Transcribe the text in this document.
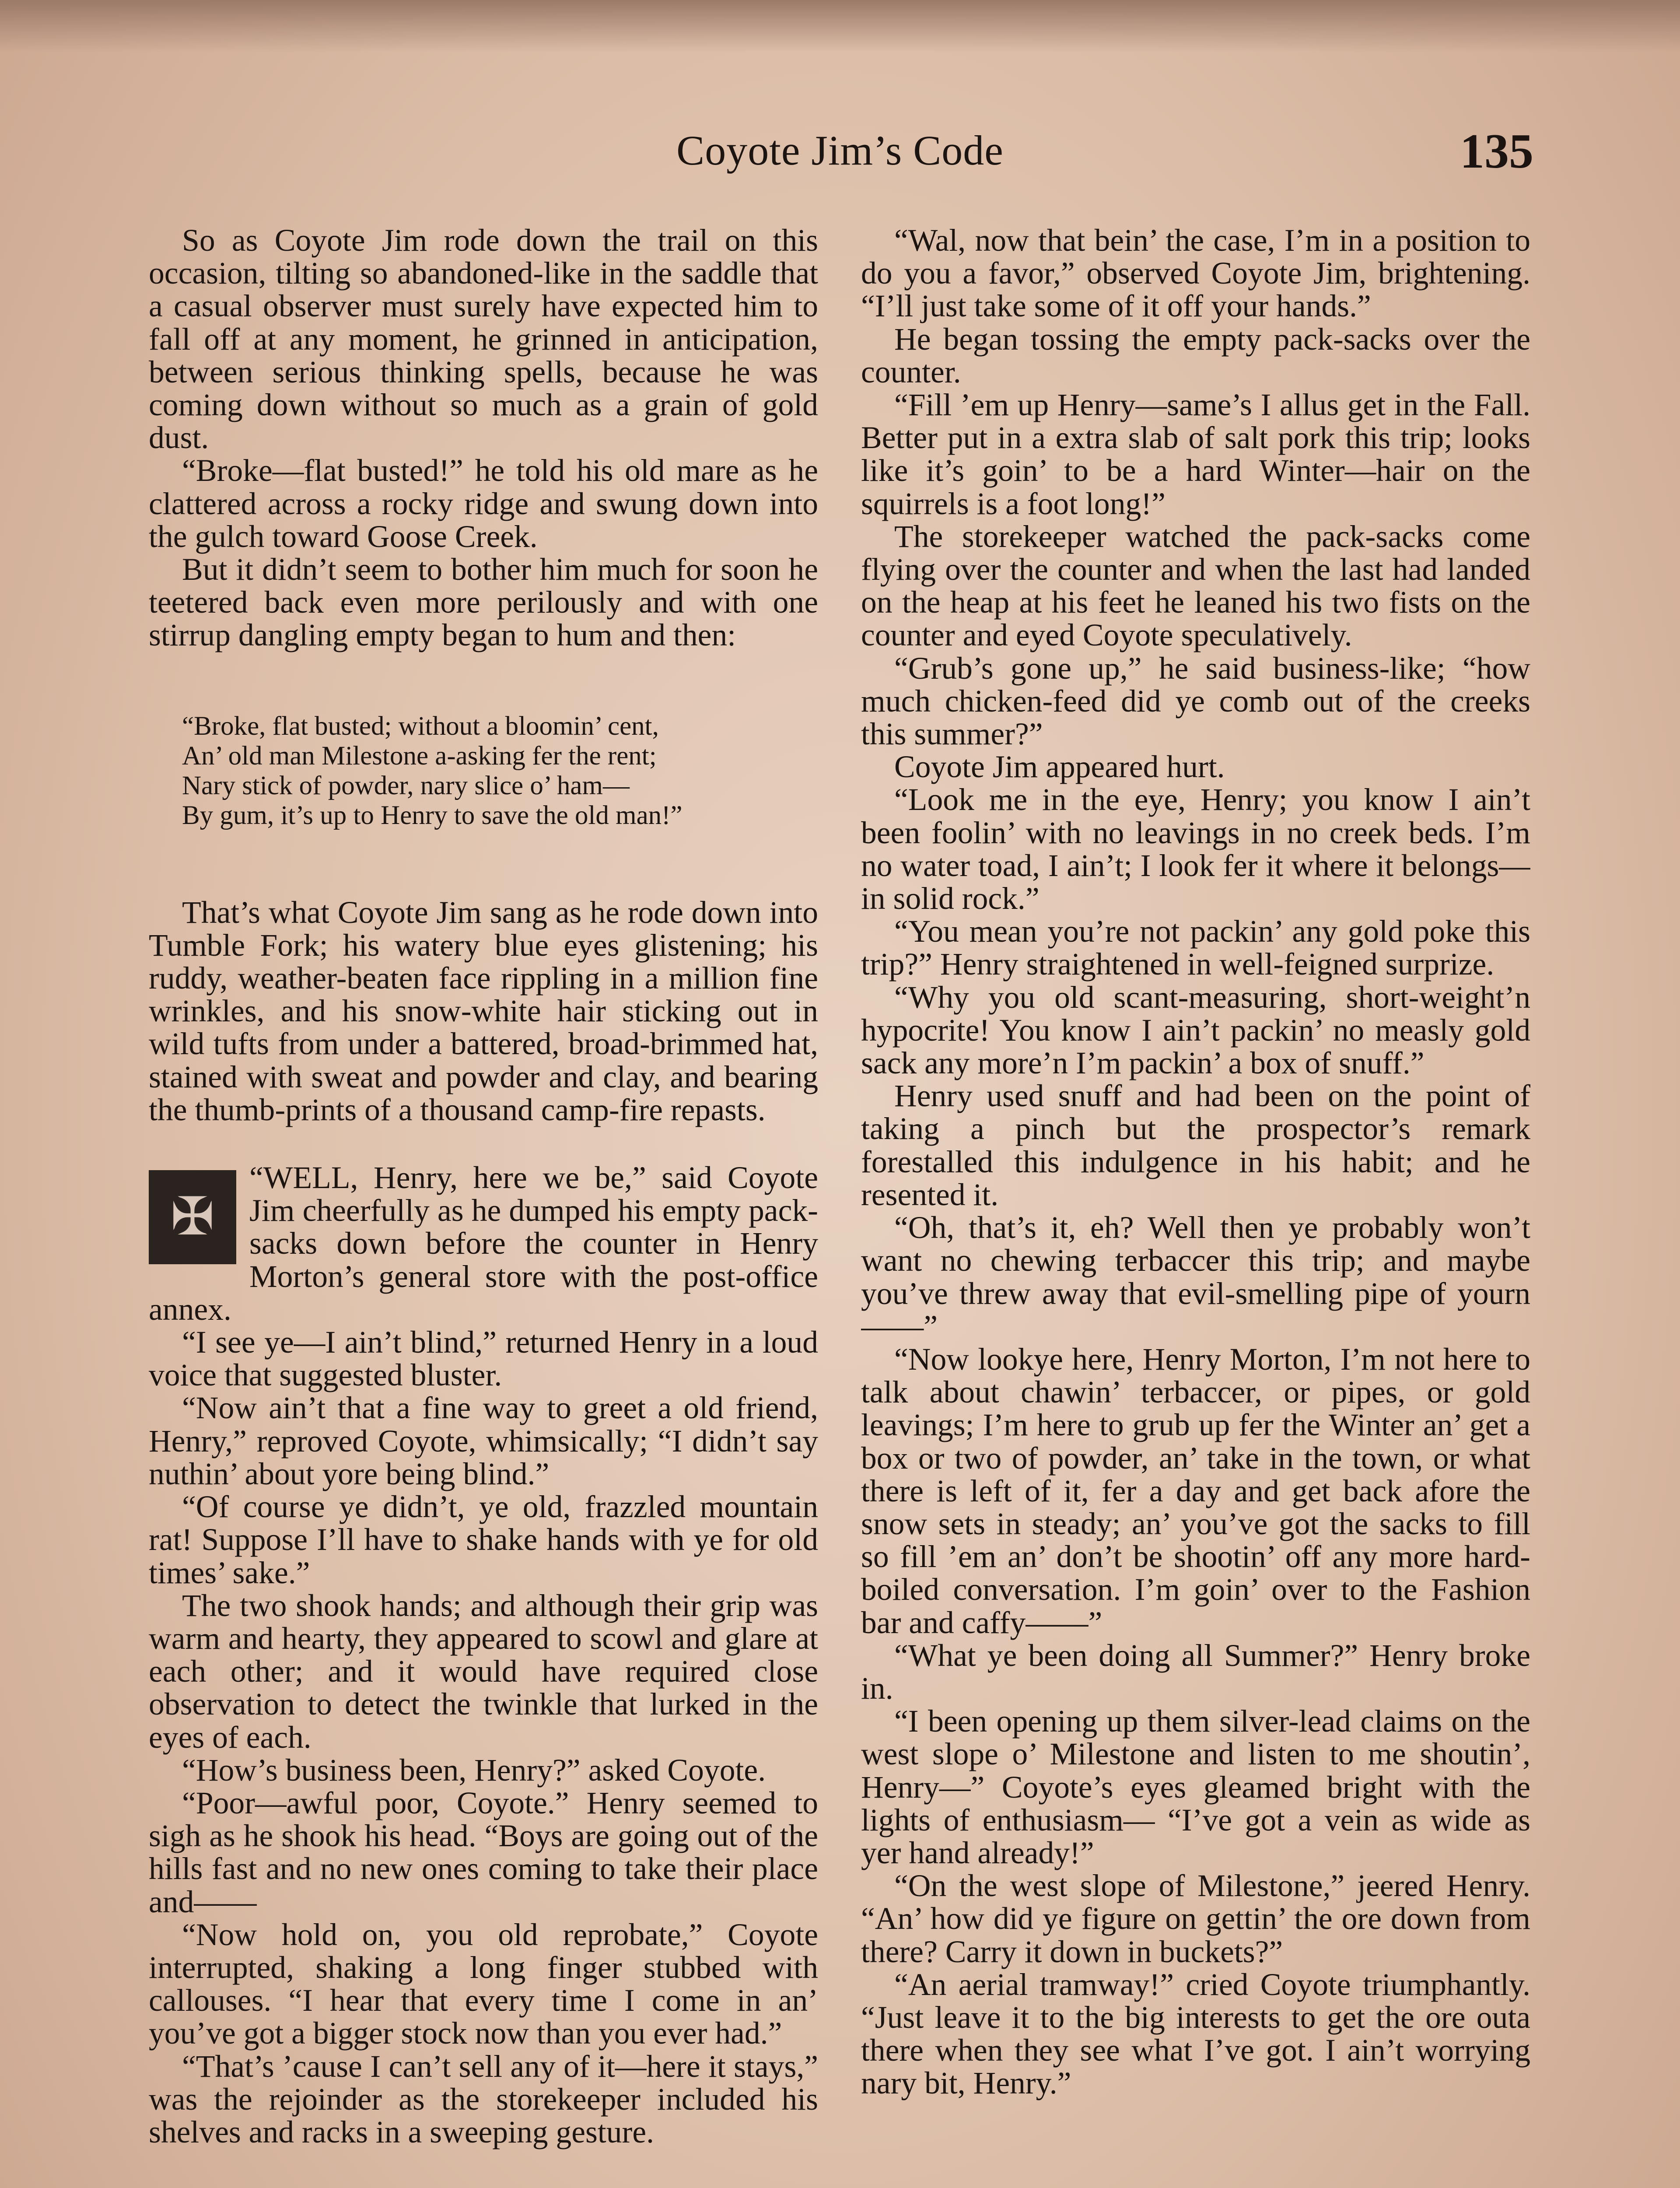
Coyote Jim’s Code	135

So as Coyote Jim rode down the trail on this occasion, tilting so abandoned-like in the saddle that a casual observer must surely have expected him to fall off at any moment, he grinned in anticipation, between serious thinking spells, because he was coming down without so much as a grain of gold dust.

“Broke—flat busted!” he told his old mare as he clattered across a rocky ridge and swung down into the gulch toward Goose Creek.

But it didn’t seem to bother him much for soon he teetered back even more perilously and with one stirrup dangling empty began to hum and then:

“Broke, flat busted; without a bloomin’ cent,
An’ old man Milestone a-asking fer the rent;
Nary stick of powder, nary slice o’ ham—
By gum, it’s up to Henry to save the old man!”

That’s what Coyote Jim sang as he rode down into Tumble Fork; his watery blue eyes glistening; his ruddy, weather-beaten face rippling in a million fine wrinkles, and his snow-white hair sticking out in wild tufts from under a battered, broad-brimmed hat, stained with sweat and powder and clay, and bearing the thumb-prints of a thousand camp-fire repasts.

✠

“WELL, Henry, here we be,” said Coyote Jim cheerfully as he dumped his empty pack-sacks down before the counter in Henry Morton’s general store with the post-office annex.

“I see ye—I ain’t blind,” returned Henry in a loud voice that suggested bluster.

“Now ain’t that a fine way to greet a old friend, Henry,” reproved Coyote, whimsically; “I didn’t say nuthin’ about yore being blind.”

“Of course ye didn’t, ye old, frazzled mountain rat! Suppose I’ll have to shake hands with ye for old times’ sake.”

The two shook hands; and although their grip was warm and hearty, they appeared to scowl and glare at each other; and it would have required close observation to detect the twinkle that lurked in the eyes of each.

“How’s business been, Henry?” asked Coyote.

“Poor—awful poor, Coyote.” Henry seemed to sigh as he shook his head. “Boys are going out of the hills fast and no new ones coming to take their place and——

“Now hold on, you old reprobate,” Coyote interrupted, shaking a long finger stubbed with callouses. “I hear that every time I come in an’ you’ve got a bigger stock now than you ever had.”

“That’s ’cause I can’t sell any of it—here it stays,” was the rejoinder as the storekeeper included his shelves and racks in a sweeping gesture.

“Wal, now that bein’ the case, I’m in a position to do you a favor,” observed Coyote Jim, brightening. “I’ll just take some of it off your hands.”

He began tossing the empty pack-sacks over the counter.

“Fill ’em up Henry—same’s I allus get in the Fall. Better put in a extra slab of salt pork this trip; looks like it’s goin’ to be a hard Winter—hair on the squirrels is a foot long!”

The storekeeper watched the pack-sacks come flying over the counter and when the last had landed on the heap at his feet he leaned his two fists on the counter and eyed Coyote speculatively.

“Grub’s gone up,” he said business-like; “how much chicken-feed did ye comb out of the creeks this summer?”

Coyote Jim appeared hurt.

“Look me in the eye, Henry; you know I ain’t been foolin’ with no leavings in no creek beds. I’m no water toad, I ain’t; I look fer it where it belongs—in solid rock.”

“You mean you’re not packin’ any gold poke this trip?” Henry straightened in well-feigned surprize.

“Why you old scant-measuring, short-weight’n hypocrite! You know I ain’t packin’ no measly gold sack any more’n I’m packin’ a box of snuff.”

Henry used snuff and had been on the point of taking a pinch but the prospector’s remark forestalled this indulgence in his habit; and he resented it.

“Oh, that’s it, eh? Well then ye probably won’t want no chewing terbaccer this trip; and maybe you’ve threw away that evil-smelling pipe of yourn——”

“Now lookye here, Henry Morton, I’m not here to talk about chawin’ terbaccer, or pipes, or gold leavings; I’m here to grub up fer the Winter an’ get a box or two of powder, an’ take in the town, or what there is left of it, fer a day and get back afore the snow sets in steady; an’ you’ve got the sacks to fill so fill ’em an’ don’t be shootin’ off any more hard-boiled conversation. I’m goin’ over to the Fashion bar and caffy——”

“What ye been doing all Summer?” Henry broke in.

“I been opening up them silver-lead claims on the west slope o’ Milestone and listen to me shoutin’, Henry—” Coyote’s eyes gleamed bright with the lights of enthusiasm— “I’ve got a vein as wide as yer hand already!”

“On the west slope of Milestone,” jeered Henry. “An’ how did ye figure on gettin’ the ore down from there? Carry it down in buckets?”

“An aerial tramway!” cried Coyote triumphantly. “Just leave it to the big interests to get the ore outa there when they see what I’ve got. I ain’t worrying nary bit, Henry.”
